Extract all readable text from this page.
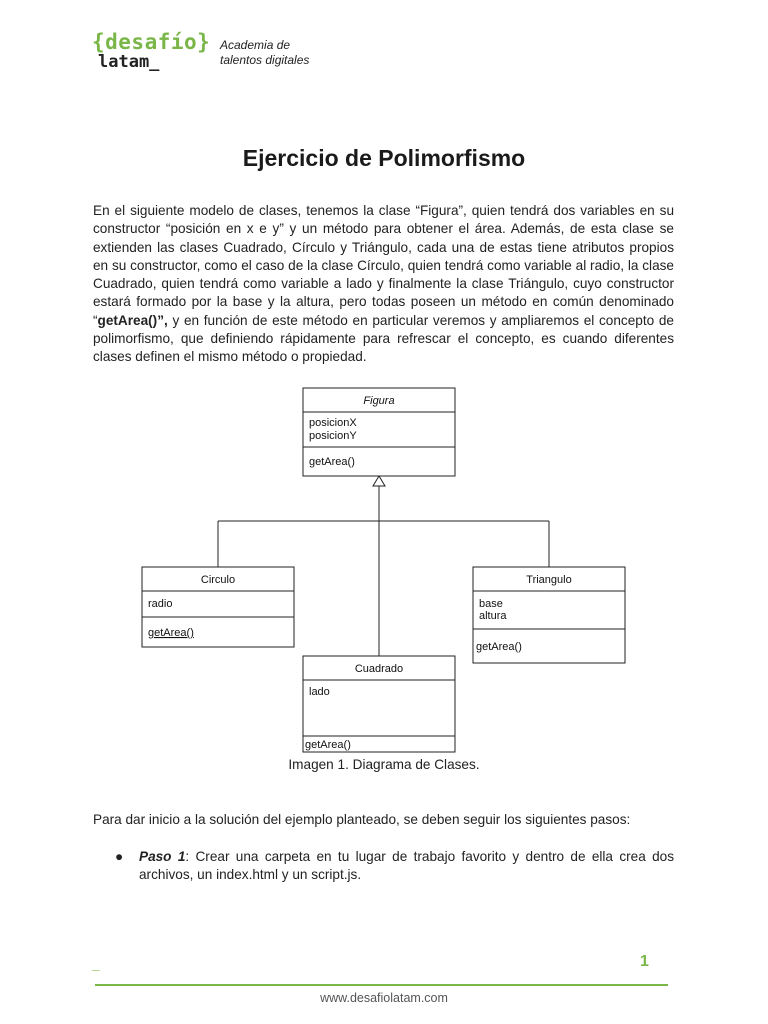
{desafío}
latam_
Academia de
talentos digitales
Ejercicio de Polimorfismo
En el siguiente modelo de clases, tenemos la clase “Figura”, quien tendrá dos variables en su constructor “posición en x e y” y un método para obtener el área. Además, de esta clase se extienden las clases Cuadrado, Círculo y Triángulo, cada una de estas tiene atributos propios en su constructor, como el caso de la clase Círculo, quien tendrá como variable al radio, la clase Cuadrado, quien tendrá como variable a lado y finalmente la clase Triángulo, cuyo constructor estará formado por la base y la altura, pero todas poseen un método en común denominado “getArea()”, y en función de este método en particular veremos y ampliaremos el concepto de polimorfismo, que definiendo rápidamente para refrescar el concepto, es cuando diferentes clases definen el mismo método o propiedad.
Figura
posicionX
posicionY
getArea()
Circulo
radio
getArea()
Triangulo
base
altura
getArea()
Cuadrado
lado
getArea()
Imagen 1. Diagrama de Clases.
Para dar inicio a la solución del ejemplo planteado, se deben seguir los siguientes pasos:
● Paso 1: Crear una carpeta en tu lugar de trabajo favorito y dentro de ella crea dos archivos, un index.html y un script.js.
_	1
www.desafiolatam.com
